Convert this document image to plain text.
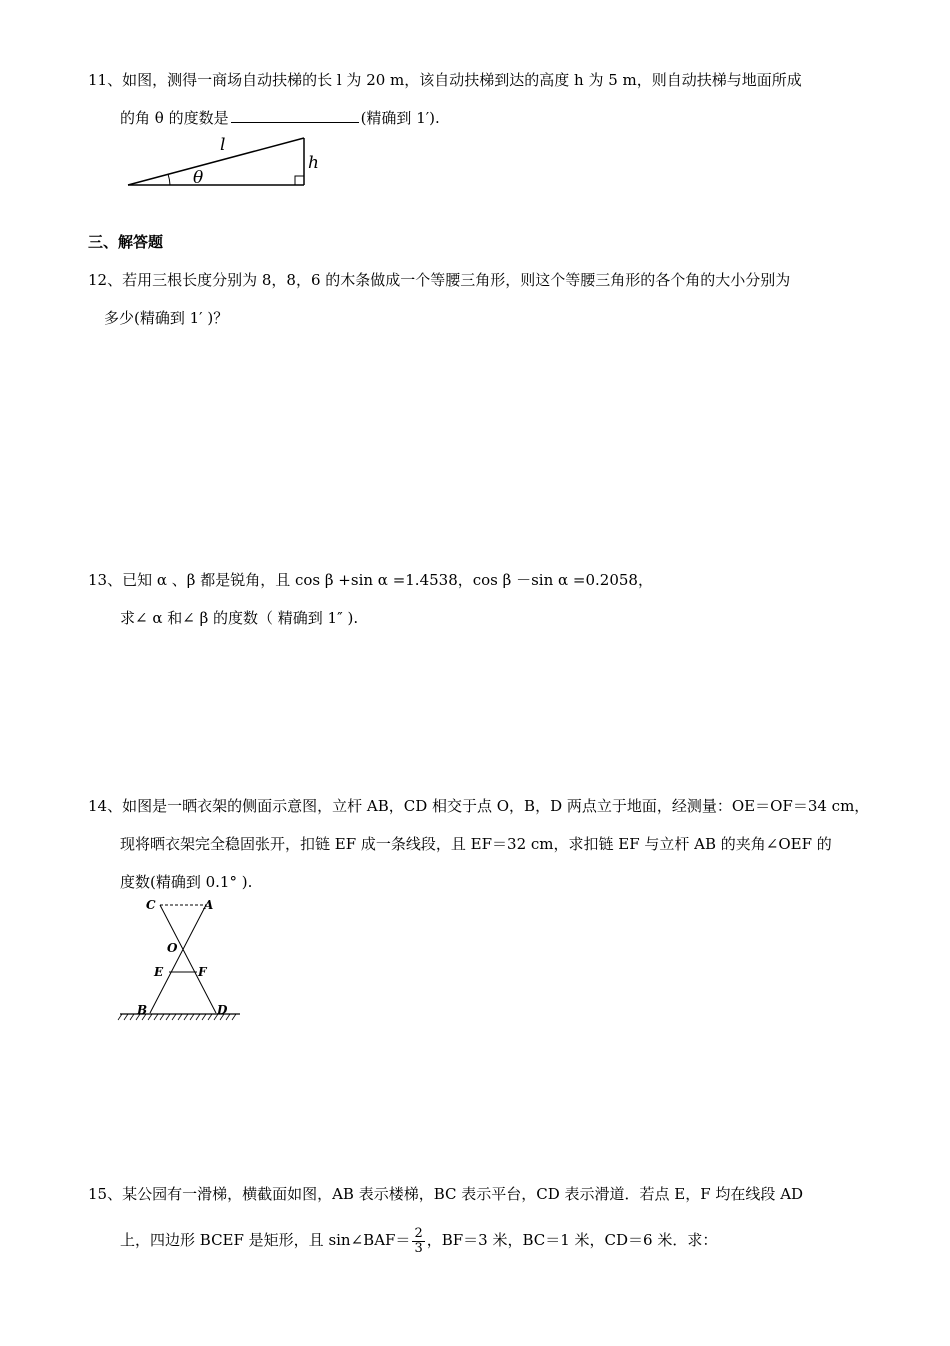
11、如图，测得一商场自动扶梯的长 l 为 20 m，该自动扶梯到达的高度 h 为 5 m，则自动扶梯与地面所成
的角 θ 的度数是	(精确到 1′).
l
h
θ
三、解答题
12、若用三根长度分别为 8，8，6 的木条做成一个等腰三角形，则这个等腰三角形的各个角的大小分别为
多少(精确到 1′ )？
13、已知 α 、β 都是锐角，且 cos β +sin α =1.4538，cos β －sin α =0.2058，
求∠ α 和∠ β 的度数（ 精确到 1″ ).
14、如图是一晒衣架的侧面示意图，立杆 AB，CD 相交于点 O，B，D 两点立于地面，经测量：OE＝OF＝34 cm，
现将晒衣架完全稳固张开，扣链 EF 成一条线段，且 EF＝32 cm，求扣链 EF 与立杆 AB 的夹角∠OEF 的
度数(精确到 0.1° ).
C	A
O
E	F
B	D
15、某公园有一滑梯，横截面如图，AB 表示楼梯，BC 表示平台，CD 表示滑道．若点 E，F 均在线段 AD
上，四边形 BCEF 是矩形，且 sin∠BAF＝ $\frac{2}{3}$ ，BF＝3 米，BC＝1 米，CD＝6 米．求：
